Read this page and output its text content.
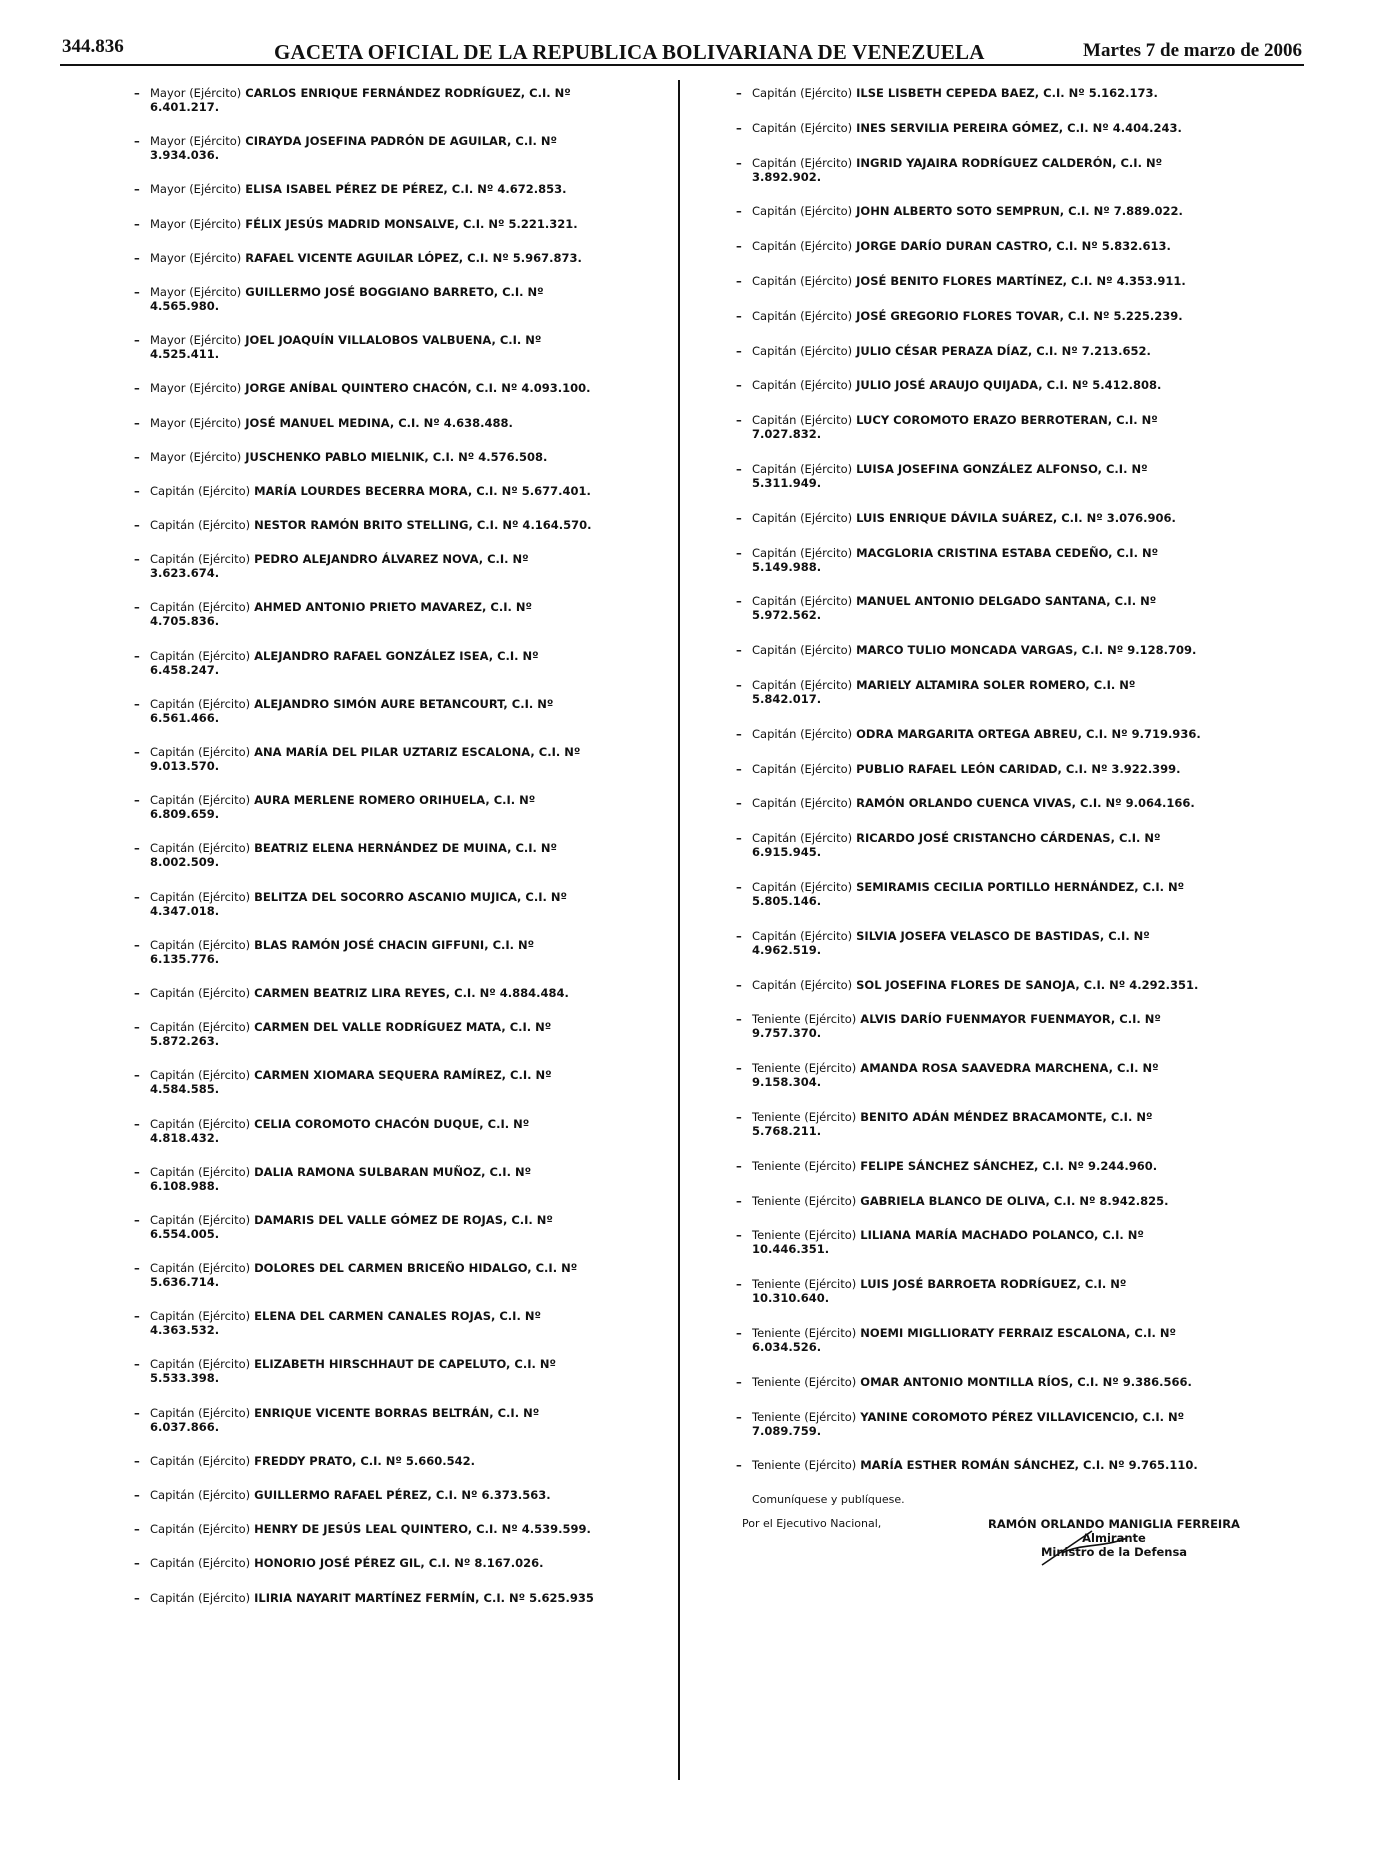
344.836	GACETA OFICIAL DE LA REPUBLICA BOLIVARIANA DE VENEZUELA	Martes 7 de marzo de 2006
– Mayor (Ejército) CARLOS ENRIQUE FERNÁNDEZ RODRÍGUEZ, C.I. Nº 6.401.217.
– Mayor (Ejército) CIRAYDA JOSEFINA PADRÓN DE AGUILAR, C.I. Nº 3.934.036.
– Mayor (Ejército) ELISA ISABEL PÉREZ DE PÉREZ, C.I. Nº 4.672.853.
– Mayor (Ejército) FÉLIX JESÚS MADRID MONSALVE, C.I. Nº 5.221.321.
– Mayor (Ejército) RAFAEL VICENTE AGUILAR LÓPEZ, C.I. Nº 5.967.873.
– Mayor (Ejército) GUILLERMO JOSÉ BOGGIANO BARRETO, C.I. Nº 4.565.980.
– Mayor (Ejército) JOEL JOAQUÍN VILLALOBOS VALBUENA, C.I. Nº 4.525.411.
– Mayor (Ejército) JORGE ANÍBAL QUINTERO CHACÓN, C.I. Nº 4.093.100.
– Mayor (Ejército) JOSÉ MANUEL MEDINA, C.I. Nº 4.638.488.
– Mayor (Ejército) JUSCHENKO PABLO MIELNIK, C.I. Nº 4.576.508.
– Capitán (Ejército) MARÍA LOURDES BECERRA MORA, C.I. Nº 5.677.401.
– Capitán (Ejército) NESTOR RAMÓN BRITO STELLING, C.I. Nº 4.164.570.
– Capitán (Ejército) PEDRO ALEJANDRO ÁLVAREZ NOVA, C.I. Nº 3.623.674.
– Capitán (Ejército) AHMED ANTONIO PRIETO MAVAREZ, C.I. Nº 4.705.836.
– Capitán (Ejército) ALEJANDRO RAFAEL GONZÁLEZ ISEA, C.I. Nº 6.458.247.
– Capitán (Ejército) ALEJANDRO SIMÓN AURE BETANCOURT, C.I. Nº 6.561.466.
– Capitán (Ejército) ANA MARÍA DEL PILAR UZTARIZ ESCALONA, C.I. Nº 9.013.570.
– Capitán (Ejército) AURA MERLENE ROMERO ORIHUELA, C.I. Nº 6.809.659.
– Capitán (Ejército) BEATRIZ ELENA HERNÁNDEZ DE MUINA, C.I. Nº 8.002.509.
– Capitán (Ejército) BELITZA DEL SOCORRO ASCANIO MUJICA, C.I. Nº 4.347.018.
– Capitán (Ejército) BLAS RAMÓN JOSÉ CHACIN GIFFUNI, C.I. Nº 6.135.776.
– Capitán (Ejército) CARMEN BEATRIZ LIRA REYES, C.I. Nº 4.884.484.
– Capitán (Ejército) CARMEN DEL VALLE RODRÍGUEZ MATA, C.I. Nº 5.872.263.
– Capitán (Ejército) CARMEN XIOMARA SEQUERA RAMÍREZ, C.I. Nº 4.584.585.
– Capitán (Ejército) CELIA COROMOTO CHACÓN DUQUE, C.I. Nº 4.818.432.
– Capitán (Ejército) DALIA RAMONA SULBARAN MUÑOZ, C.I. Nº 6.108.988.
– Capitán (Ejército) DAMARIS DEL VALLE GÓMEZ DE ROJAS, C.I. Nº 6.554.005.
– Capitán (Ejército) DOLORES DEL CARMEN BRICEÑO HIDALGO, C.I. Nº 5.636.714.
– Capitán (Ejército) ELENA DEL CARMEN CANALES ROJAS, C.I. Nº 4.363.532.
– Capitán (Ejército) ELIZABETH HIRSCHHAUT DE CAPELUTO, C.I. Nº 5.533.398.
– Capitán (Ejército) ENRIQUE VICENTE BORRAS BELTRÁN, C.I. Nº 6.037.866.
– Capitán (Ejército) FREDDY PRATO, C.I. Nº 5.660.542.
– Capitán (Ejército) GUILLERMO RAFAEL PÉREZ, C.I. Nº 6.373.563.
– Capitán (Ejército) HENRY DE JESÚS LEAL QUINTERO, C.I. Nº 4.539.599.
– Capitán (Ejército) HONORIO JOSÉ PÉREZ GIL, C.I. Nº 8.167.026.
– Capitán (Ejército) ILIRIA NAYARIT MARTÍNEZ FERMÍN, C.I. Nº 5.625.935
– Capitán (Ejército) ILSE LISBETH CEPEDA BAEZ, C.I. Nº 5.162.173.
– Capitán (Ejército) INES SERVILIA PEREIRA GÓMEZ, C.I. Nº 4.404.243.
– Capitán (Ejército) INGRID YAJAIRA RODRÍGUEZ CALDERÓN, C.I. Nº 3.892.902.
– Capitán (Ejército) JOHN ALBERTO SOTO SEMPRUN, C.I. Nº 7.889.022.
– Capitán (Ejército) JORGE DARÍO DURAN CASTRO, C.I. Nº 5.832.613.
– Capitán (Ejército) JOSÉ BENITO FLORES MARTÍNEZ, C.I. Nº 4.353.911.
– Capitán (Ejército) JOSÉ GREGORIO FLORES TOVAR, C.I. Nº 5.225.239.
– Capitán (Ejército) JULIO CÉSAR PERAZA DÍAZ, C.I. Nº 7.213.652.
– Capitán (Ejército) JULIO JOSÉ ARAUJO QUIJADA, C.I. Nº 5.412.808.
– Capitán (Ejército) LUCY COROMOTO ERAZO BERROTERAN, C.I. Nº 7.027.832.
– Capitán (Ejército) LUISA JOSEFINA GONZÁLEZ ALFONSO, C.I. Nº 5.311.949.
– Capitán (Ejército) LUIS ENRIQUE DÁVILA SUÁREZ, C.I. Nº 3.076.906.
– Capitán (Ejército) MACGLORIA CRISTINA ESTABA CEDEÑO, C.I. Nº 5.149.988.
– Capitán (Ejército) MANUEL ANTONIO DELGADO SANTANA, C.I. Nº 5.972.562.
– Capitán (Ejército) MARCO TULIO MONCADA VARGAS, C.I. Nº 9.128.709.
– Capitán (Ejército) MARIELY ALTAMIRA SOLER ROMERO, C.I. Nº 5.842.017.
– Capitán (Ejército) ODRA MARGARITA ORTEGA ABREU, C.I. Nº 9.719.936.
– Capitán (Ejército) PUBLIO RAFAEL LEÓN CARIDAD, C.I. Nº 3.922.399.
– Capitán (Ejército) RAMÓN ORLANDO CUENCA VIVAS, C.I. Nº 9.064.166.
– Capitán (Ejército) RICARDO JOSÉ CRISTANCHO CÁRDENAS, C.I. Nº 6.915.945.
– Capitán (Ejército) SEMIRAMIS CECILIA PORTILLO HERNÁNDEZ, C.I. Nº 5.805.146.
– Capitán (Ejército) SILVIA JOSEFA VELASCO DE BASTIDAS, C.I. Nº 4.962.519.
– Capitán (Ejército) SOL JOSEFINA FLORES DE SANOJA, C.I. Nº 4.292.351.
– Teniente (Ejército) ALVIS DARÍO FUENMAYOR FUENMAYOR, C.I. Nº 9.757.370.
– Teniente (Ejército) AMANDA ROSA SAAVEDRA MARCHENA, C.I. Nº 9.158.304.
– Teniente (Ejército) BENITO ADÁN MÉNDEZ BRACAMONTE, C.I. Nº 5.768.211.
– Teniente (Ejército) FELIPE SÁNCHEZ SÁNCHEZ, C.I. Nº 9.244.960.
– Teniente (Ejército) GABRIELA BLANCO DE OLIVA, C.I. Nº 8.942.825.
– Teniente (Ejército) LILIANA MARÍA MACHADO POLANCO, C.I. Nº 10.446.351.
– Teniente (Ejército) LUIS JOSÉ BARROETA RODRÍGUEZ, C.I. Nº 10.310.640.
– Teniente (Ejército) NOEMI MIGLLIORATY FERRAIZ ESCALONA, C.I. Nº 6.034.526.
– Teniente (Ejército) OMAR ANTONIO MONTILLA RÍOS, C.I. Nº 9.386.566.
– Teniente (Ejército) YANINE COROMOTO PÉREZ VILLAVICENCIO, C.I. Nº 7.089.759.
– Teniente (Ejército) MARÍA ESTHER ROMÁN SÁNCHEZ, C.I. Nº 9.765.110.
Comuníquese y publíquese.
Por el Ejecutivo Nacional,	RAMÓN ORLANDO MANIGLIA FERREIRA
Almirante
Ministro de la Defensa
